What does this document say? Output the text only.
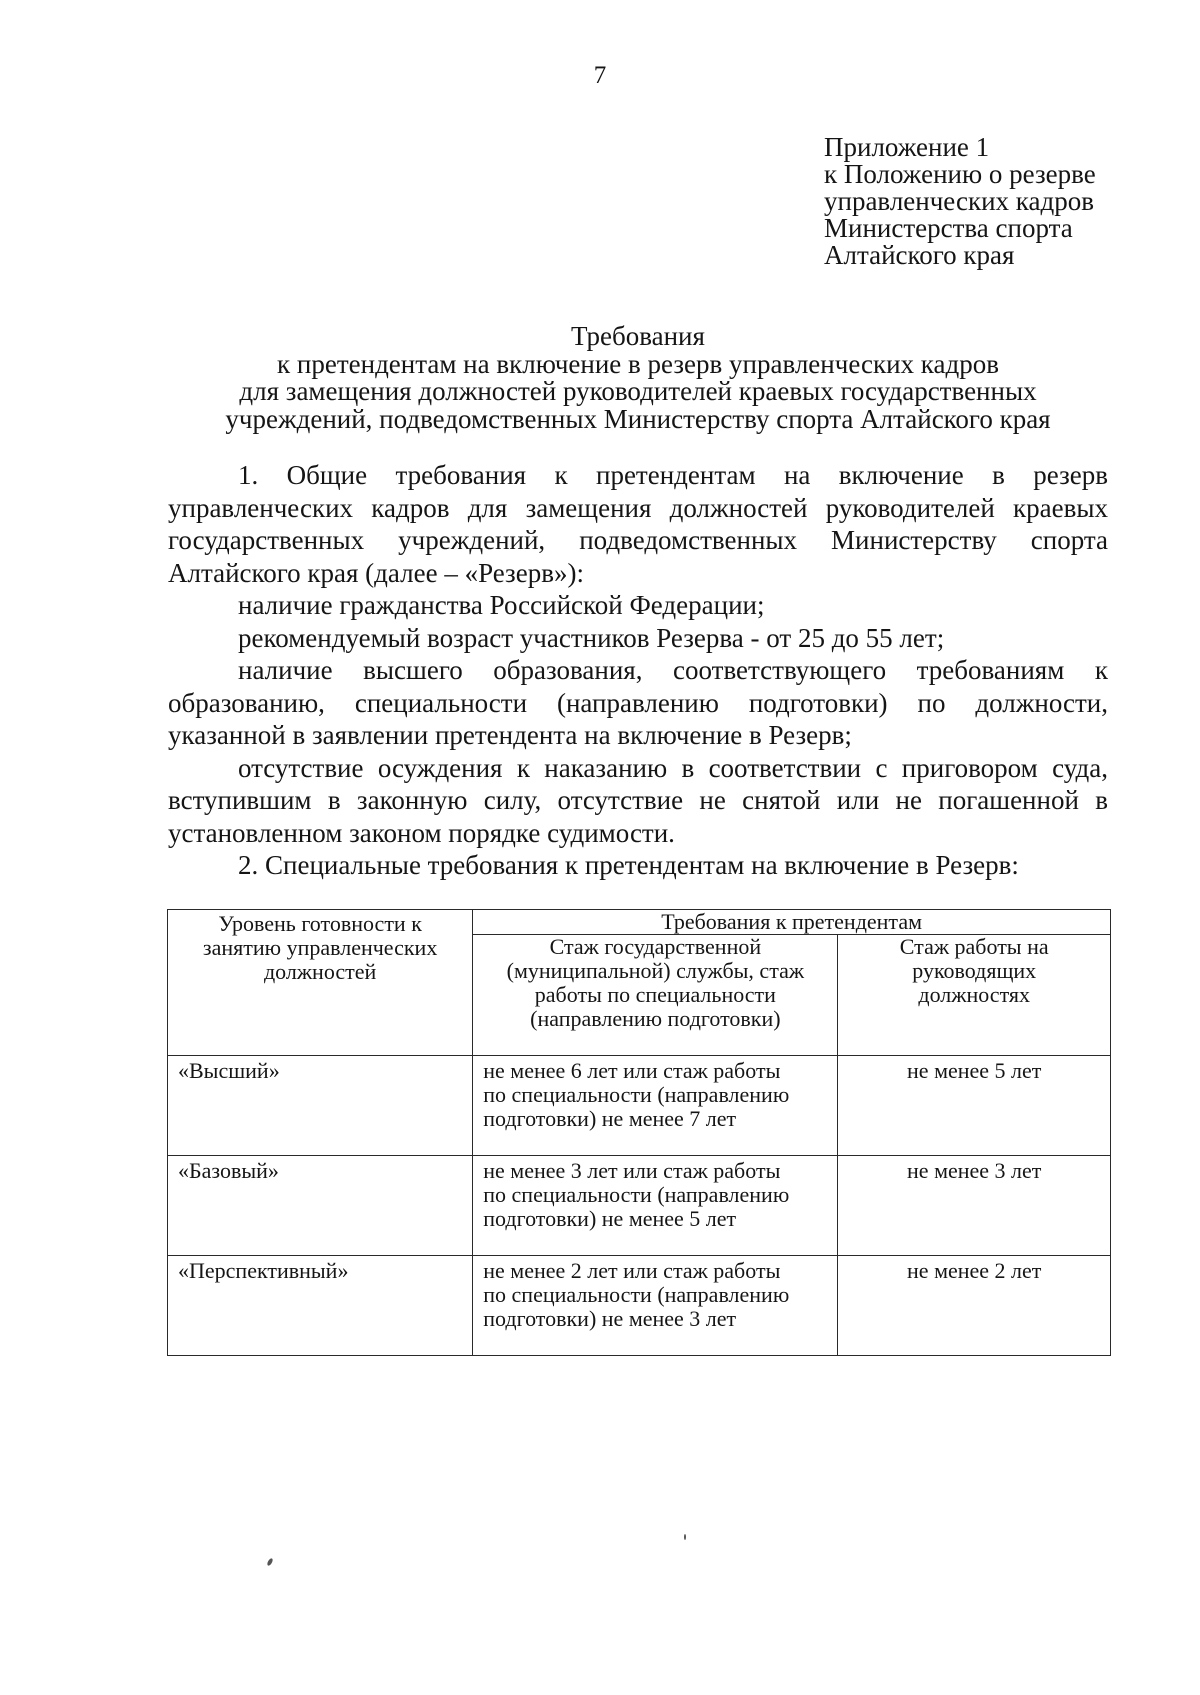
7
Приложение 1
к Положению о резерве
управленческих кадров
Министерства спорта
Алтайского края
Требования
к претендентам на включение в резерв управленческих кадров
для замещения должностей руководителей краевых государственных
учреждений, подведомственных Министерству спорта Алтайского края
1. Общие требования к претендентам на включение в резерв
управленческих кадров для замещения должностей руководителей краевых
государственных учреждений, подведомственных Министерству спорта
Алтайского края (далее – «Резерв»):
наличие гражданства Российской Федерации;
рекомендуемый возраст участников Резерва - от 25 до 55 лет;
наличие высшего образования, соответствующего требованиям к
образованию, специальности (направлению подготовки) по должности,
указанной в заявлении претендента на включение в Резерв;
отсутствие осуждения к наказанию в соответствии с приговором суда,
вступившим в законную силу, отсутствие не снятой или не погашенной в
установленном законом порядке судимости.
2. Специальные требования к претендентам на включение в Резерв:
Уровень готовности к
занятию управленческих
должностей	Требования к претендентам	

	Стаж государственной
(муниципальной) службы, стаж
работы по специальности
(направлению подготовки)	Стаж работы на
руководящих
должностях

«Высший»	не менее 6 лет или стаж работы
по специальности (направлению
подготовки) не менее 7 лет	не менее 5 лет
«Базовый»	не менее 3 лет или стаж работы
по специальности (направлению
подготовки) не менее 5 лет	не менее 3 лет
«Перспективный»	не менее 2 лет или стаж работы
по специальности (направлению
подготовки) не менее 3 лет	не менее 2 лет
